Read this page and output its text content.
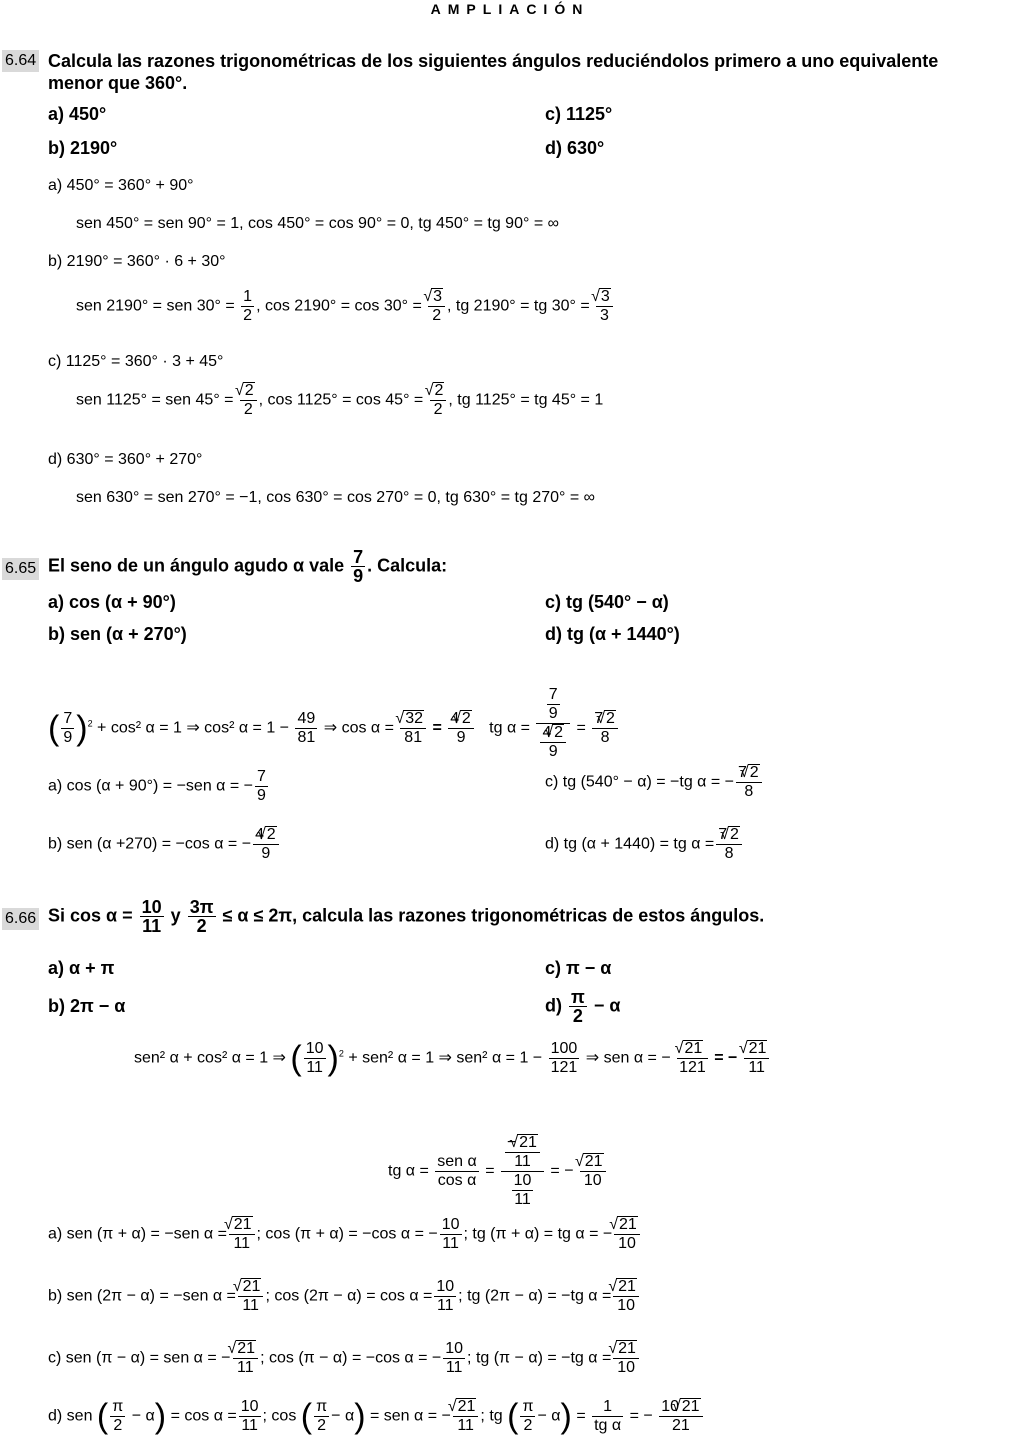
AMPLIACIÓN
6.64 Calcula las razones trigonométricas de los siguientes ángulos reduciéndolos primero a uno equivalente
menor que 360°.
a) 450°	c) 1125°
b) 2190°	d) 630°
a) 450° = 360° + 90°
sen 450° = sen 90° = 1, cos 450° = cos 90° = 0, tg 450° = tg 90° = ∞
b) 2190° = 360° · 6 + 30°
sen 2190° = sen $30^\circ = \frac{1}{2}$ , cos 2190° = cos 30° = √ $\frac{3}{2}$ , tg 2190° = tg 30° = √ $\frac{3}{3}$
c) 1125° = 360° · 3 + 45°
sen 1125° = sen 45° = √ $\frac{2}{2}$ , cos 1125° = cos 45° = √ $\frac{2}{2}$ , tg 1125° = tg 45° = 1
d) 630° = 360° + 270°
sen 630° = sen 270° = −1, cos 630° = cos 270° = 0, tg 630° = tg 270° = ∞
6.65 El seno de un ángulo agudo α vale $\frac{7}{9}$ . Calcula:
a) cos (α + 90°)	c) tg (540° − α)
b) sen (α + 270°)	d) tg (α + 1440°)
( $\frac{7}{9} )^2 + \cos^2$ α = 1 ⇒ cos² $\alpha = 1 - \frac{49}{81}$ ⇒ cos α = √ $\frac{32}{81} = \frac{4 √ 2}{9}$ tg $\alpha = \frac{\frac{7}{9}}{\frac{4 √ 2}{9}} = \frac{7 √ 2}{8}$
a) cos (α + 90°) = −sen α = − $\frac{7}{9}$	c) tg (540° − α) = −tg α = − $\frac{7 √ 2}{8}$
b) sen (α +270) = −cos α = − $\frac{4 √ 2}{9}$	d) tg (α + 1440) = tg $\alpha = \frac{7 √ 2}{8}$
6.66 Si $\cos \alpha = \frac{10}{11}$ y $\frac{3\pi}{2} \le \alpha \le 2\pi$, calcula las razones trigonométricas de estos ángulos.
a) α + π	c) π − α
b) 2π − α	$d) \frac{\pi}{2} - \alpha$
sen² α + cos² α = 1 ⇒ ( $\frac{10}{11} )^2 + sen^2$ α = 1 ⇒ sen² $\alpha = 1 - \frac{100}{121}$ ⇒ sen α = − √ $\frac{21}{121}$ = − √ $\frac{21}{11}$
tg $\alpha = \frac{\text{sen α}}{\text{cos α}} = \frac{\frac{- √ 21}{11}}{\frac{10}{11}}$ = − √ $\frac{21}{10}$
a) sen (π + α) = −sen α = √ $\frac{21}{11}$ ; cos (π + α) = −cos α = − $\frac{10}{11}$ ; tg (π + α) = tg α = − √ $\frac{21}{10}$
b) sen (2π − α) = −sen α = √ $\frac{21}{11}$ ; $\cos (2\pi - \alpha) = \cos \alpha = \frac{10}{11}$ ; tg (2π − α) = −tg α = √ $\frac{21}{10}$
c) sen (π − α) = sen α = − √ $\frac{21}{11}$ ; cos (π − α) = −cos α = − $\frac{10}{11}$ ; tg (π − α) = −tg α = √ $\frac{21}{10}$
d) sen ( $\frac{\pi}{2} - \alpha) = \cos \alpha = \frac{10}{11}$ ; cos ( $\frac{\pi}{2} - \alpha$) = sen α = − √ $\frac{21}{11}$ ; tg ( $\frac{\pi}{2} - \alpha) = \frac{1}{\text{tg α}}$ = − $\frac{10 √ 21}{21}$
